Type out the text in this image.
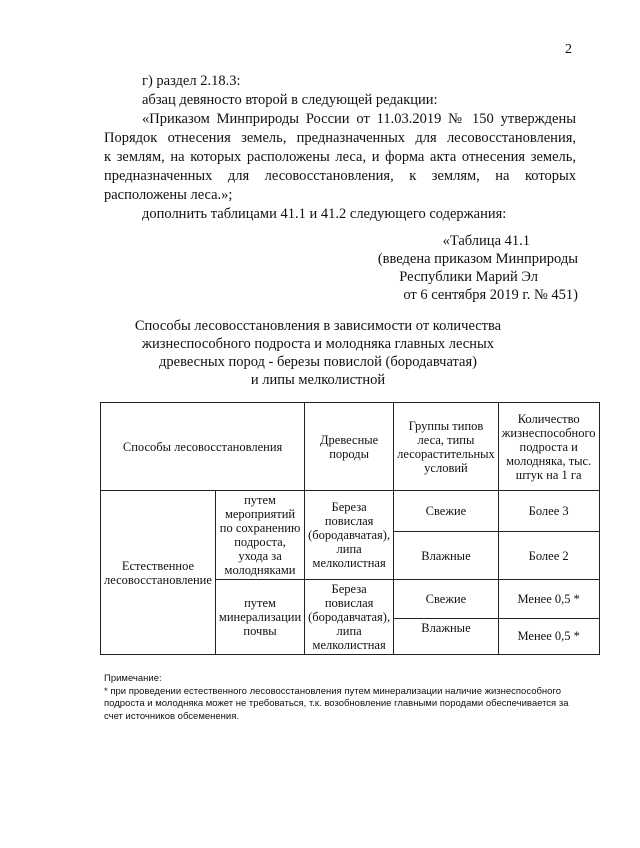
2
г) раздел 2.18.3:
абзац девяносто второй в следующей редакции:
«Приказом Минприроды России от 11.03.2019 № 150 утверждены
Порядок отнесения земель, предназначенных для лесовосстановления,
к землям, на которых расположены леса, и форма акта отнесения земель,
предназначенных для лесовосстановления, к землям, на которых
расположены леса.»;
дополнить таблицами 41.1 и 41.2 следующего содержания:
«Таблица 41.1
(введена приказом Минприроды
Республики Марий Эл
от 6 сентября 2019 г. № 451)
Способы лесовосстановления в зависимости от количества
жизнеспособного подроста и молодняка главных лесных
древесных пород - березы повислой (бородавчатая)
и липы мелколистной
Способы лесовосстановления		Древесные породы	Группы типов леса, типы лесорастительных условий	Количество жизнеспособного подроста и молодняка, тыс. штук на 1 га
Естественное лесовосстановление	путем мероприятий по сохранению подроста, ухода за молодняками	Береза повислая (бородавчатая), липа мелколистная	Свежие	Более 3
			Влажные	Более 2
	путем минерализации почвы	Береза повислая (бородавчатая), липа мелколистная	Свежие	Менее 0,5 *
			Влажные	Менее 0,5 *
Примечание:
* при проведении естественного лесовосстановления путем минерализации наличие жизнеспособного подроста и молодняка может не требоваться, т.к. возобновление главными породами обеспечивается за счет источников обсеменения.
